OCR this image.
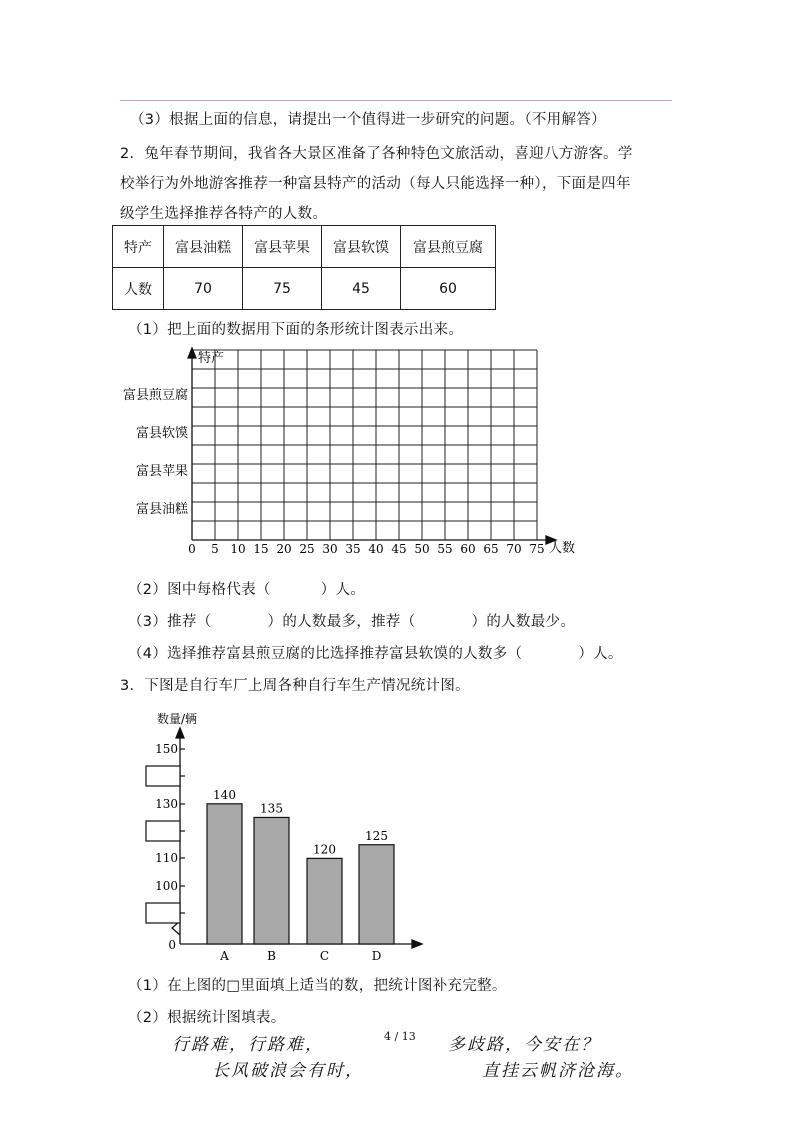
（3）根据上面的信息，请提出一个值得进一步研究的问题。（不用解答）
2．兔年春节期间，我省各大景区准备了各种特色文旅活动，喜迎八方游客。学
校举行为外地游客推荐一种富县特产的活动（每人只能选择一种），下面是四年
级学生选择推荐各特产的人数。
特产	富县油糕	富县苹果	富县软馍	富县煎豆腐
人数	70	75	45	60
（1）把上面的数据用下面的条形统计图表示出来。
特产
人数
富县煎豆腐
富县软馍
富县苹果
富县油糕
0 5 10 15 20 25 30 35 40 45 50 55 60 65 70 75
（2）图中每格代表（	）人。
（3）推荐（	）的人数最多，推荐（	）的人数最少。
（4）选择推荐富县煎豆腐的比选择推荐富县软馍的人数多（	）人。
3．下图是自行车厂上周各种自行车生产情况统计图。
数量/辆
150
130
110
100
0
140
A
135
B
120
C
125
D
（1）在上图的□里面填上适当的数，把统计图补充完整。
（2）根据统计图填表。
4 / 13
行路难，行路难，	多歧路，今安在？
长风破浪会有时，	直挂云帆济沧海。
